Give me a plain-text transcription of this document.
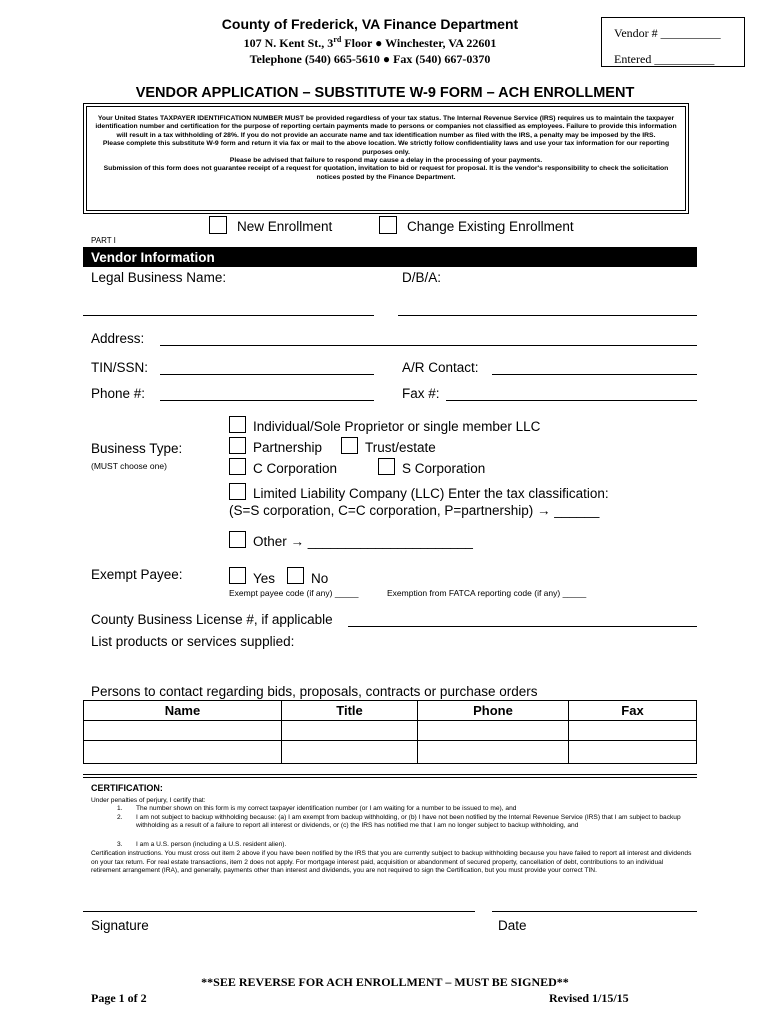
County of Frederick, VA Finance Department
107 N. Kent St., 3rd Floor ● Winchester, VA 22601
Telephone (540) 665-5610 ● Fax (540) 667-0370
Vendor # __________
Entered __________
VENDOR APPLICATION – SUBSTITUTE W-9 FORM – ACH ENROLLMENT

Your United States TAXPAYER IDENTIFICATION NUMBER MUST be provided regardless of your tax status. The Internal Revenue Service (IRS) requires us to maintain the taxpayer identification number and certification for the purpose of reporting certain payments made to persons or companies not classified as employees. Failure to provide this information will result in a tax withholding of 28%. If you do not provide an accurate name and tax identification number as filed with the IRS, a penalty may be imposed by the IRS.

Please complete this substitute W-9 form and return it via fax or mail to the above location. We strictly follow confidentiality laws and use your tax information for our reporting purposes only.

Please be advised that failure to respond may cause a delay in the processing of your payments.

Submission of this form does not guarantee receipt of a request for quotation, invitation to bid or request for proposal. It is the vendor's responsibility to check the solicitation notices posted by the Finance Department.

New Enrollment	Change Existing Enrollment
PART I
Vendor Information
Legal Business Name:	D/B/A:
Address:
TIN/SSN:	A/R Contact:
Phone #:	Fax #:
Business Type:
(MUST choose one)
Individual/Sole Proprietor or single member LLC
Partnership	Trust/estate
C Corporation	S Corporation
Limited Liability Company (LLC) Enter the tax classification:
(S=S corporation, C=C corporation, P=partnership) → ______
Other → ______________________
Exempt Payee:	Yes	No
Exempt payee code (if any) _____	Exemption from FATCA reporting code (if any) _____
County Business License #, if applicable
List products or services supplied:
Persons to contact regarding bids, proposals, contracts or purchase orders
Name	Title	Phone	Fax

CERTIFICATION:
Under penalties of perjury, I certify that:
1. The number shown on this form is my correct taxpayer identification number (or I am waiting for a number to be issued to me), and
2. I am not subject to backup withholding because: (a) I am exempt from backup withholding, or (b) I have not been notified by the Internal Revenue Service (IRS) that I am subject to backup withholding as a result of a failure to report all interest or dividends, or (c) the IRS has notified me that I am no longer subject to backup withholding, and
3. I am a U.S. person (including a U.S. resident alien).
Certification instructions. You must cross out item 2 above if you have been notified by the IRS that you are currently subject to backup withholding because you have failed to report all interest and dividends on your tax return. For real estate transactions, item 2 does not apply. For mortgage interest paid, acquisition or abandonment of secured property, cancellation of debt, contributions to an individual retirement arrangement (IRA), and generally, payments other than interest and dividends, you are not required to sign the Certification, but you must provide your correct TIN.
Signature	Date
**SEE REVERSE FOR ACH ENROLLMENT – MUST BE SIGNED**
Page 1 of 2	Revised 1/15/15
